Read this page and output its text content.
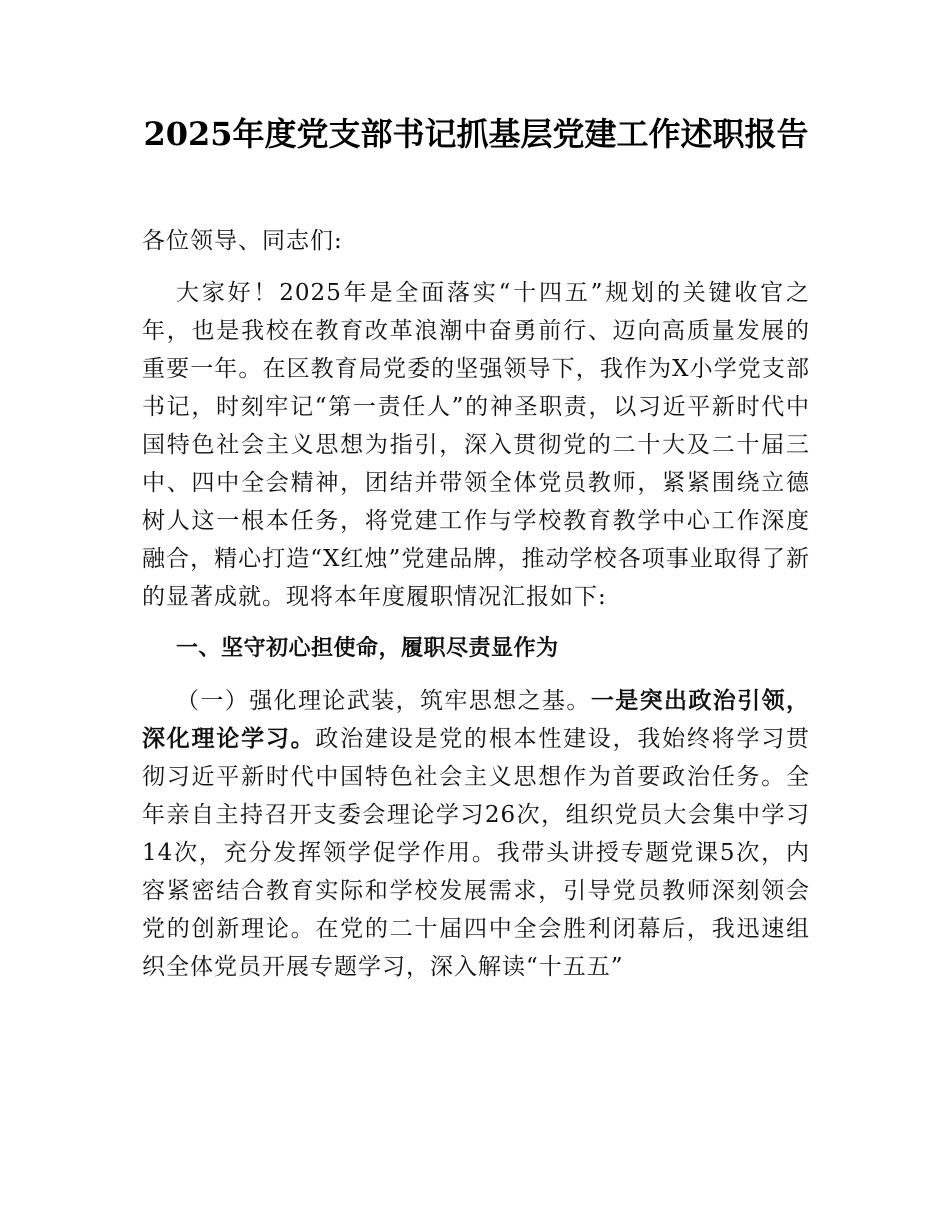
2025年度党支部书记抓基层党建工作述职报告

各位领导、同志们:

大家好！2025年是全面落实“十四五”规划的关键收官之年，也是我校在教育改革浪潮中奋勇前行、迈向高质量发展的重要一年。在区教育局党委的坚强领导下，我作为X小学党支部书记，时刻牢记“第一责任人”的神圣职责，以习近平新时代中国特色社会主义思想为指引，深入贯彻党的二十大及二十届三中、四中全会精神，团结并带领全体党员教师，紧紧围绕立德树人这一根本任务，将党建工作与学校教育教学中心工作深度融合，精心打造“X红烛”党建品牌，推动学校各项事业取得了新的显著成就。现将本年度履职情况汇报如下:

一、坚守初心担使命，履职尽责显作为

（一）强化理论武装，筑牢思想之基。一是突出政治引领，深化理论学习。政治建设是党的根本性建设，我始终将学习贯彻习近平新时代中国特色社会主义思想作为首要政治任务。全年亲自主持召开支委会理论学习26次，组织党员大会集中学习14次，充分发挥领学促学作用。我带头讲授专题党课5次，内容紧密结合教育实际和学校发展需求，引导党员教师深刻领会党的创新理论。在党的二十届四中全会胜利闭幕后，我迅速组织全体党员开展专题学习，深入解读“十五五”
